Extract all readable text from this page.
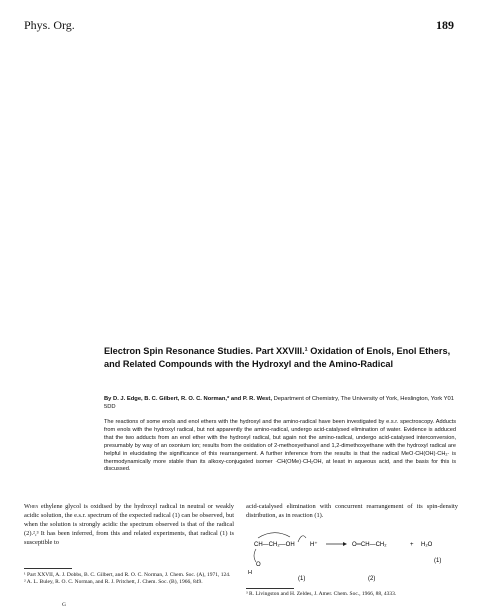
Phys. Org.	189
Electron Spin Resonance Studies. Part XXVIII.¹ Oxidation of Enols, Enol Ethers, and Related Compounds with the Hydroxyl and the Amino-Radical
By D. J. Edge, B. C. Gilbert, R. O. C. Norman,* and P. R. West, Department of Chemistry, The University of York, Heslington, York Y01 5DD
The reactions of some enols and enol ethers with the hydroxyl and the amino-radical have been investigated by e.s.r. spectroscopy. Adducts from enols with the hydroxyl radical, but not apparently the amino-radical, undergo acid-catalysed elimination of water. Evidence is adduced that the two adducts from an enol ether with the hydroxyl radical, but again not the amino-radical, undergo acid-catalysed interconversion, presumably by way of an oxonium ion; results from the oxidation of 2-methoxyethanol and 1,2-dimethoxyethane with the hydroxyl radical are helpful in elucidating the significance of this rearrangement. A further inference from the results is that the radical MeO·CH(OH)·CH₂· is thermodynamically more stable than its alkoxy-conjugated isomer ·CH(OMe)·CH₂OH, at least in aqueous acid, and the basis for this is discussed.
When ethylene glycol is oxidised by the hydroxyl radical in neutral or weakly acidic solution, the e.s.r. spectrum of the expected radical (1) can be observed, but when the solution is strongly acidic the spectrum observed is that of the radical (2).²,³ It has been inferred, from this and related experiments, that radical (1) is susceptible to
acid-catalysed elimination with concurrent rearrangement of its spin-density distribution, as in reaction (1).
CH—CH₂—OH	H⁺	O═CH—CH₂	+ H₂O
O
H
(1)
(1)	(2)
¹ Part XXVII, A. J. Dobbs, B. C. Gilbert, and R. O. C. Norman, J. Chem. Soc. (A), 1971, 124.
² A. L. Buley, R. O. C. Norman, and R. J. Pritchett, J. Chem. Soc. (B), 1966, 849.
³ R. Livingston and H. Zeldes, J. Amer. Chem. Soc., 1966, 88, 4333.
G
